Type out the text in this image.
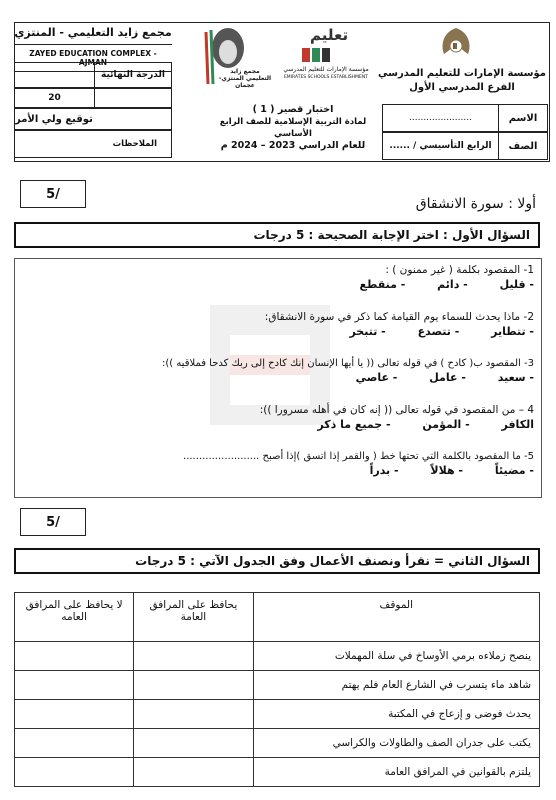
مجمع زايد التعليمي - المنتزي
ZAYED EDUCATION COMPLEX - AJMAN
الدرجة النهائية
20
توقيع ولي الأمر
الملاحظات
مجمع زايد التعليمي المنتزي-عجمان
تعليم
مؤسسة الإمارات للتعليم المدرسي
EMIRATES SCHOOLS ESTABLISHMENT مؤسسة الإمارات للتعليم المدرسي
الفرع المدرسي الأول
اختبار قصير ( 1 )
لمادة التربية الإسلامية للصف الرابع الأساسي
للعام الدراسي 2023 – 2024 م
الاسم
......................
الصف
الرابع التأسيسي / ......
5/
أولا : سورة الانشقاق
السؤال الأول : اختر الإجابة الصحيحة : 5 درجات
1- المقصود بكلمة ( غير ممنون ) :
- قليل - دائم - منقطع
2- ماذا يحدث للسماء يوم القيامة كما ذكر في سورة الانشقاق:
- تتطاير - تتصدع - تتبخر
3- المقصود ب( كادح ) في قوله تعالى (( يا أيها الإنسان إنك كادح إلى ربك كدحا فملاقيه )):
- سعيد - عامل - عاصي
4 – من المقصود في قوله تعالى (( إنه كان في أهله مسرورا )):
الكافر - المؤمن - جميع ما ذكر
5- ما المقصود بالكلمة التي تحتها خط ( والقمر إذا اتسق )إذا أصبح ........................
- مضيئاً - هلالاً - بدراً
5/
السؤال الثاني = نقرأ ونصنف الأعمال وفق الجدول الآتي : 5 درجات
الموقف	يحافظ على المرافق العامة	لا يحافظ على المرافق العامه
ينصح زملاءه برمي الأوساخ في سلة المهملات		
شاهد ماء يتسرب في الشارع العام فلم يهتم		
يحدث فوضى و إزعاج في المكتبة		
يكتب على جدران الصف والطاولات والكراسي		
يلتزم بالقوانين في المرافق العامة		
